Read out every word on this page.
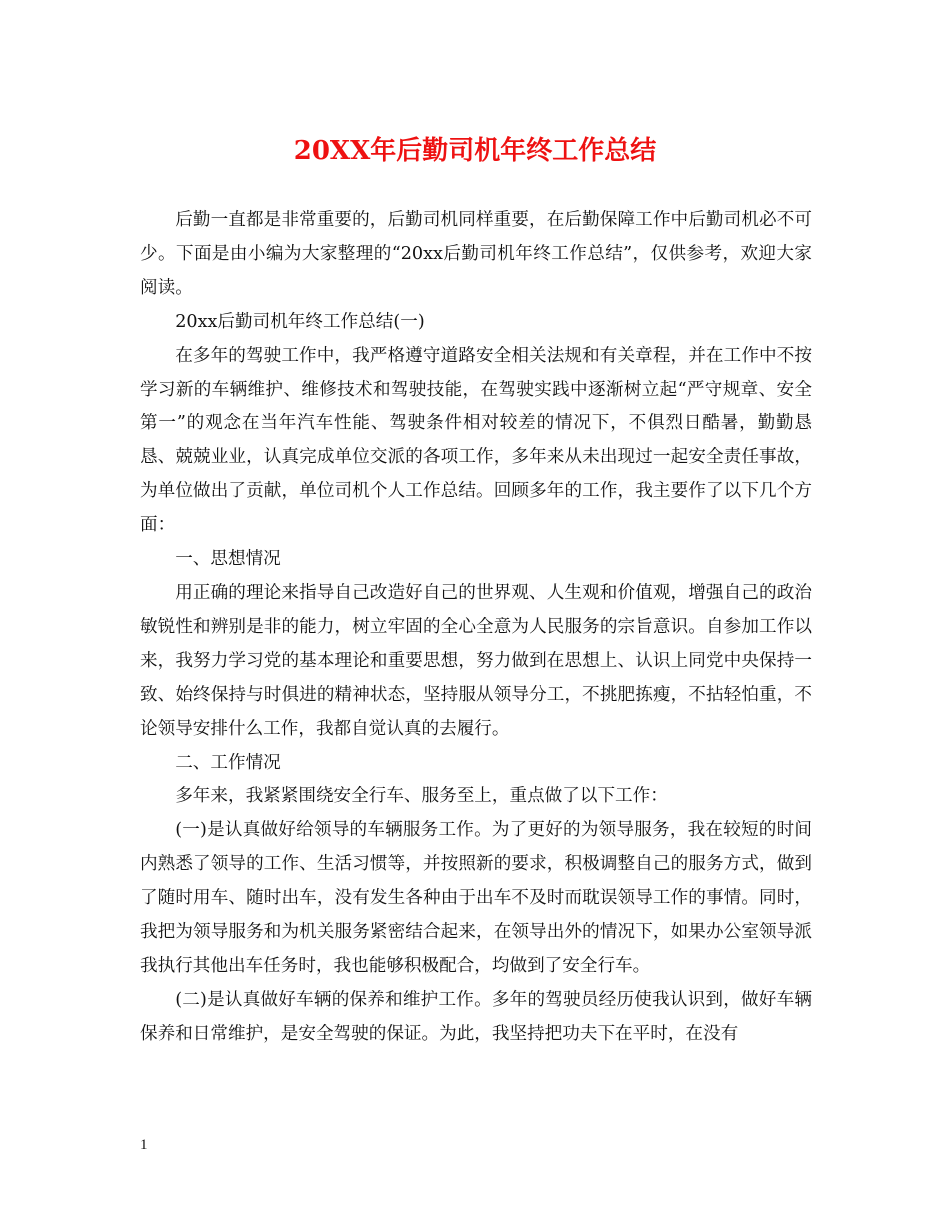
20XX年后勤司机年终工作总结

后勤一直都是非常重要的，后勤司机同样重要，在后勤保障工作中后勤司机必不可少。下面是由小编为大家整理的“20xx后勤司机年终工作总结”，仅供参考，欢迎大家阅读。

20xx后勤司机年终工作总结(一)

在多年的驾驶工作中，我严格遵守道路安全相关法规和有关章程，并在工作中不按学习新的车辆维护、维修技术和驾驶技能，在驾驶实践中逐渐树立起“严守规章、安全第一”的观念在当年汽车性能、驾驶条件相对较差的情况下，不俱烈日酷暑，勤勤恳恳、兢兢业业，认真完成单位交派的各项工作，多年来从未出现过一起安全责任事故，为单位做出了贡献，单位司机个人工作总结。回顾多年的工作，我主要作了以下几个方面：

一、思想情况

用正确的理论来指导自己改造好自己的世界观、人生观和价值观，增强自己的政治敏锐性和辨别是非的能力，树立牢固的全心全意为人民服务的宗旨意识。自参加工作以来，我努力学习党的基本理论和重要思想，努力做到在思想上、认识上同党中央保持一致、始终保持与时俱进的精神状态，坚持服从领导分工，不挑肥拣瘦，不拈轻怕重，不论领导安排什么工作，我都自觉认真的去履行。

二、工作情况

多年来，我紧紧围绕安全行车、服务至上，重点做了以下工作：

(一)是认真做好给领导的车辆服务工作。为了更好的为领导服务，我在较短的时间内熟悉了领导的工作、生活习惯等，并按照新的要求，积极调整自己的服务方式，做到了随时用车、随时出车，没有发生各种由于出车不及时而耽误领导工作的事情。同时，我把为领导服务和为机关服务紧密结合起来，在领导出外的情况下，如果办公室领导派我执行其他出车任务时，我也能够积极配合，均做到了安全行车。

(二)是认真做好车辆的保养和维护工作。多年的驾驶员经历使我认识到，做好车辆保养和日常维护，是安全驾驶的保证。为此，我坚持把功夫下在平时，在没有

1
